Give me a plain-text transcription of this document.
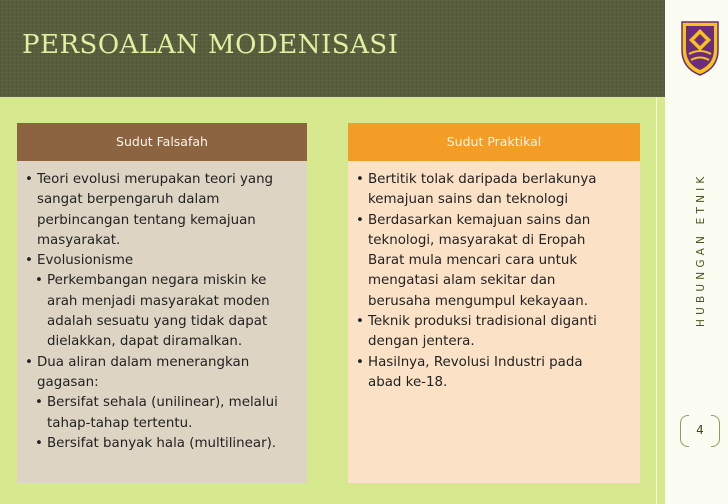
PERSOALAN MODENISASI
HUBUNGAN ETNIK
4
Sudut Falsafah
• Teori evolusi merupakan teori yang
sangat berpengaruh dalam
perbincangan tentang kemajuan
masyarakat.
• Evolusionisme
• Perkembangan negara miskin ke
arah menjadi masyarakat moden
adalah sesuatu yang tidak dapat
dielakkan, dapat diramalkan.
• Dua aliran dalam menerangkan
gagasan:
• Bersifat sehala (unilinear), melalui
tahap-tahap tertentu.
• Bersifat banyak hala (multilinear).
Sudut Praktikal
• Bertitik tolak daripada berlakunya
kemajuan sains dan teknologi
• Berdasarkan kemajuan sains dan
teknologi, masyarakat di Eropah
Barat mula mencari cara untuk
mengatasi alam sekitar dan
berusaha mengumpul kekayaan.
• Teknik produksi tradisional diganti
dengan jentera.
• Hasilnya, Revolusi Industri pada
abad ke-18.
